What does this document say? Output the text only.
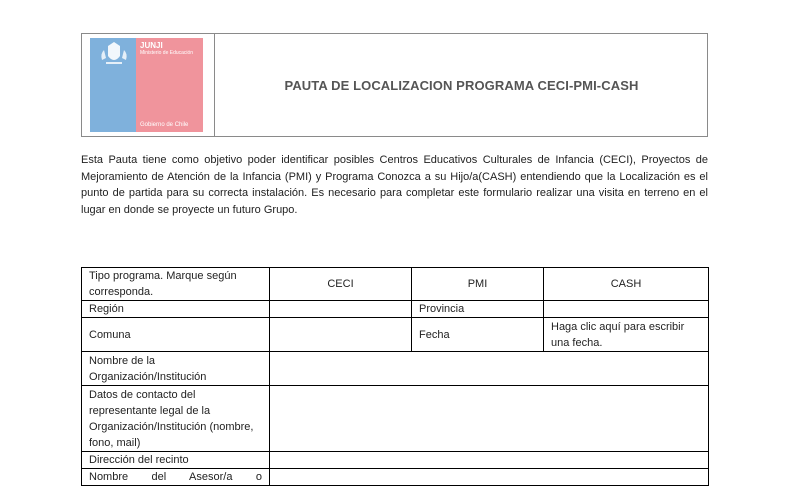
JUNJI
Ministerio de Educación
Gobierno de Chile
PAUTA DE LOCALIZACION PROGRAMA CECI-PMI-CASH
Esta Pauta tiene como objetivo poder identificar posibles Centros Educativos Culturales de Infancia (CECI), Proyectos de Mejoramiento de Atención de la Infancia (PMI) y Programa Conozca a su Hijo/a(CASH) entendiendo que la Localización es el punto de partida para su correcta instalación. Es necesario para completar este formulario realizar una visita en terreno en el lugar en donde se proyecte un futuro Grupo.
Tipo programa. Marque según corresponda.	CECI	PMI	CASH
Región		Provincia	
Comuna		Fecha	Haga clic aquí para escribir una fecha.
Nombre de la Organización/Institución			
Datos de contacto del representante legal de la Organización/Institución (nombre, fono, mail)			
Dirección del recinto			
Nombre del Asesor/a o			
